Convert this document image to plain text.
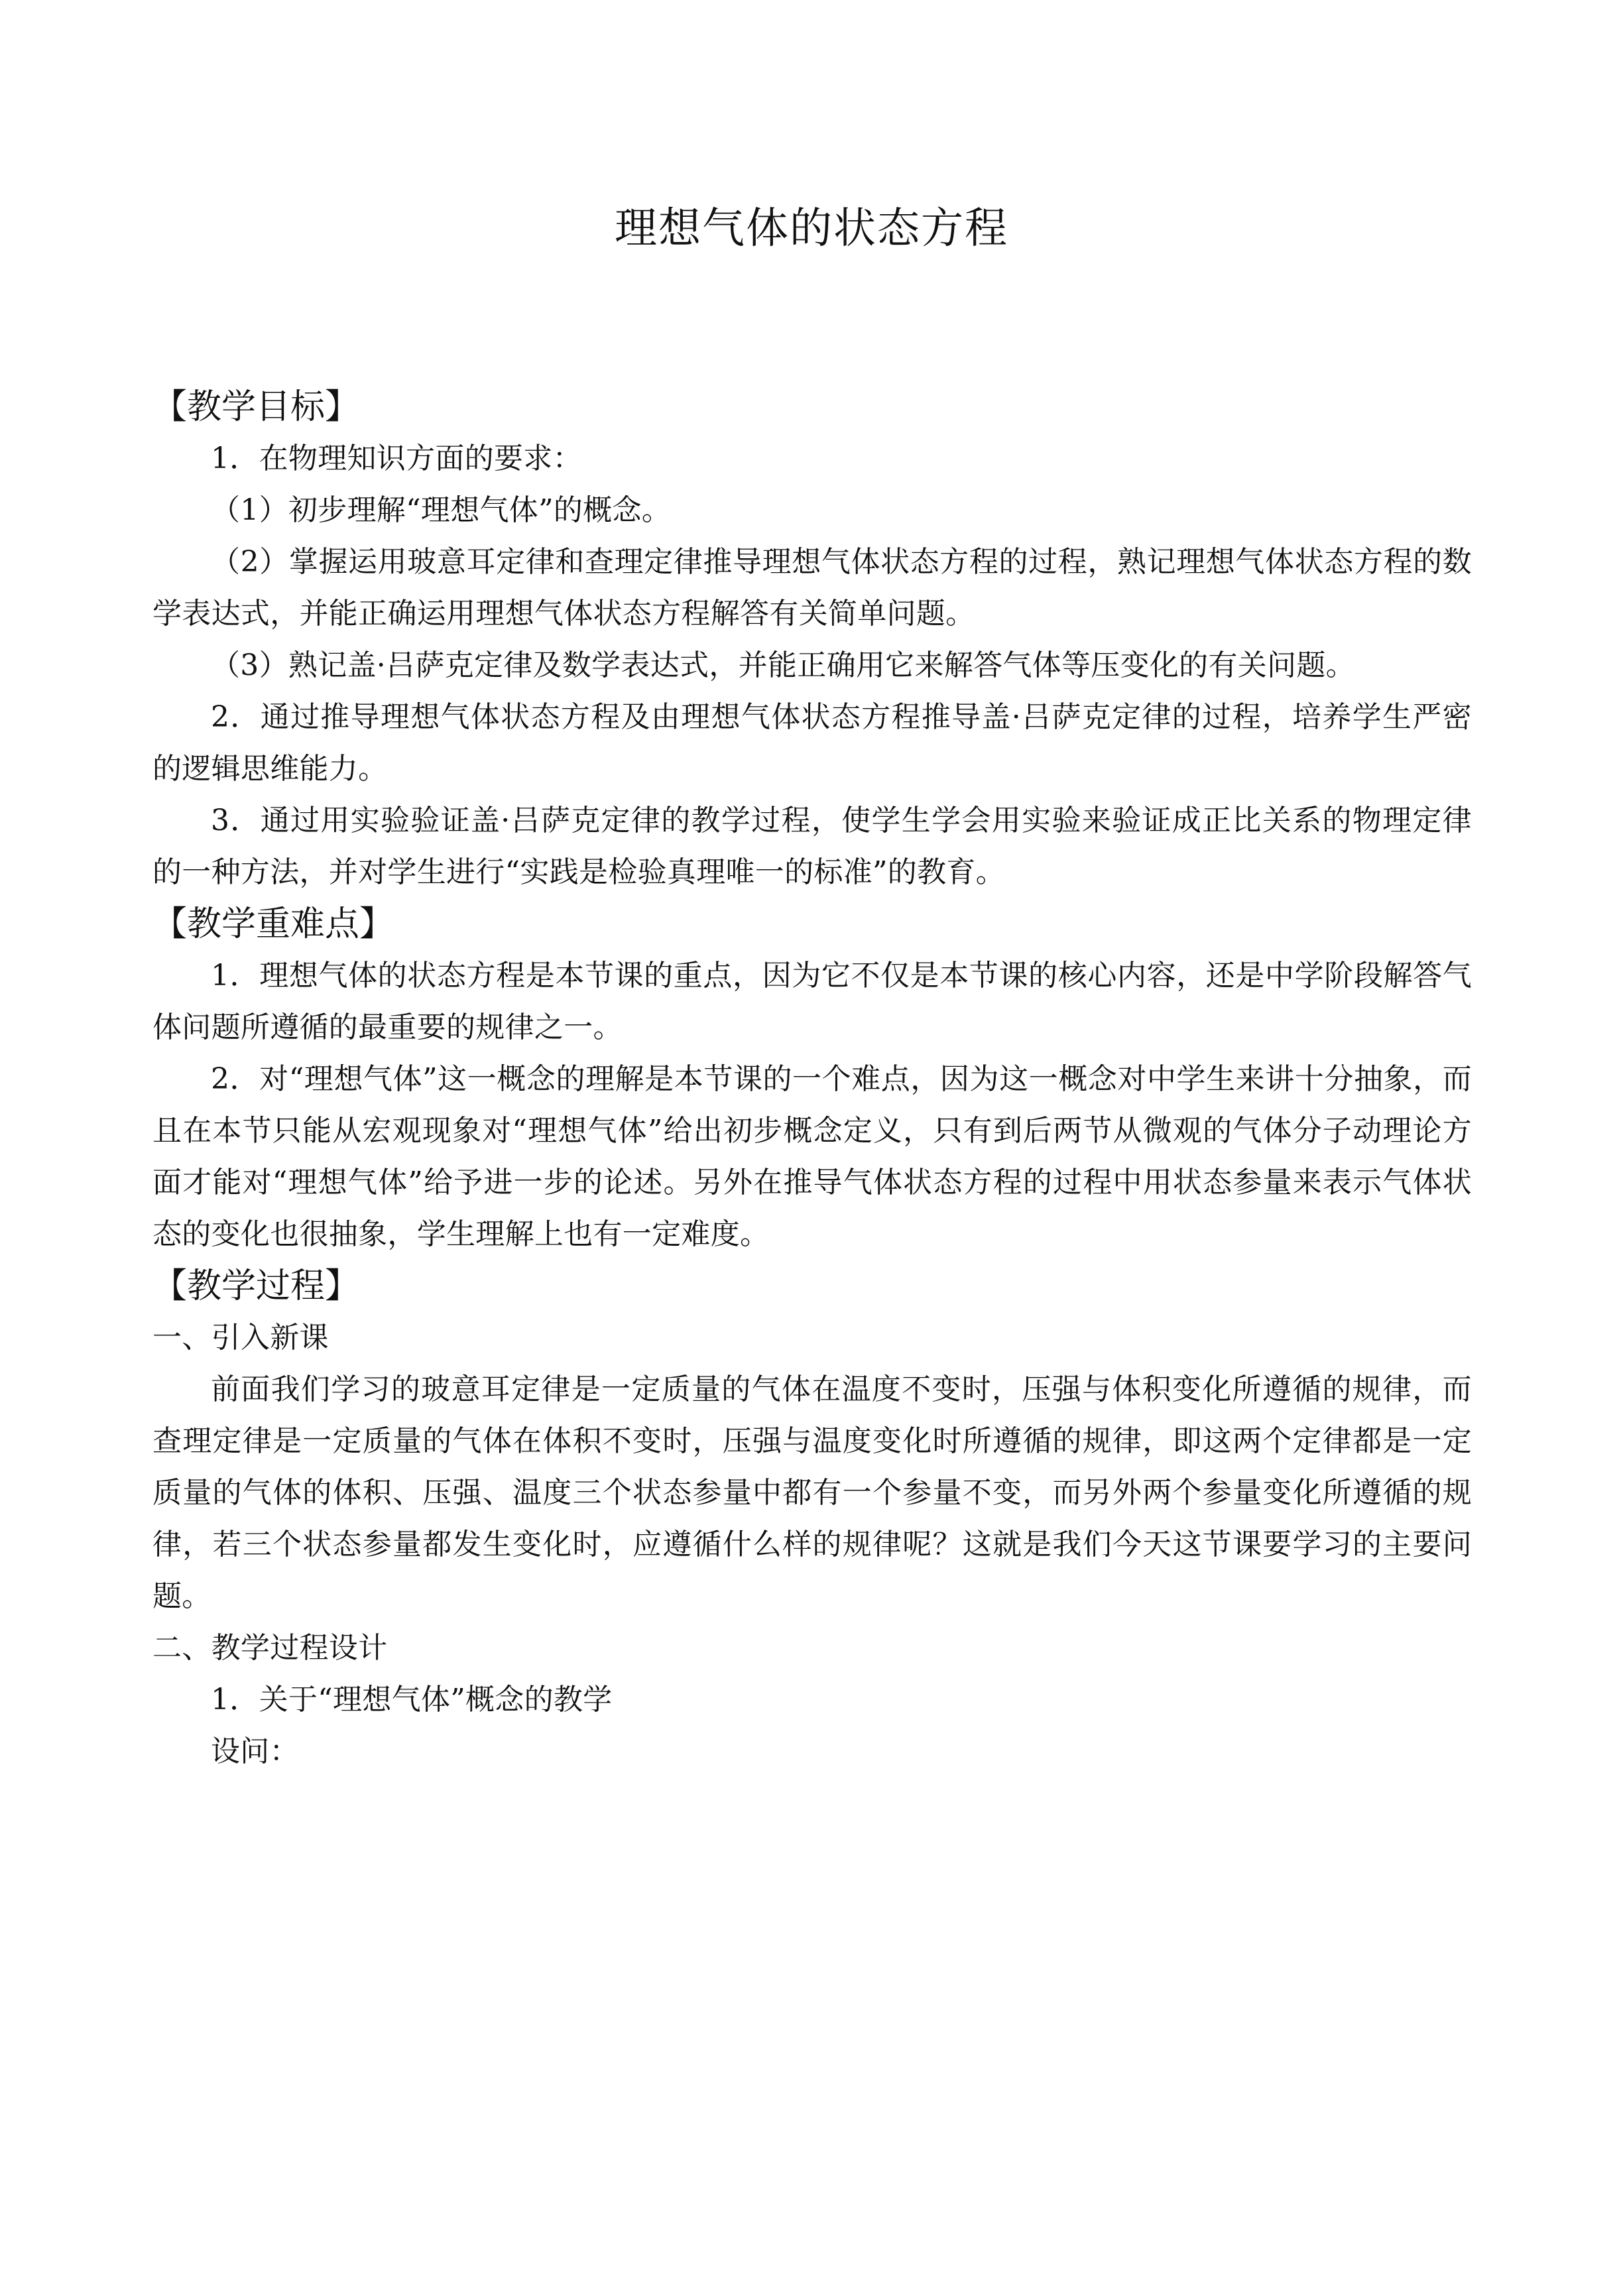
理想气体的状态方程
【教学目标】

1．在物理知识方面的要求：

（1）初步理解“理想气体”的概念。

（2）掌握运用玻意耳定律和查理定律推导理想气体状态方程的过程，熟记理想气体状态方程的数学表达式，并能正确运用理想气体状态方程解答有关简单问题。

（3）熟记盖·吕萨克定律及数学表达式，并能正确用它来解答气体等压变化的有关问题。

2．通过推导理想气体状态方程及由理想气体状态方程推导盖·吕萨克定律的过程，培养学生严密的逻辑思维能力。

3．通过用实验验证盖·吕萨克定律的教学过程，使学生学会用实验来验证成正比关系的物理定律的一种方法，并对学生进行“实践是检验真理唯一的标准”的教育。

【教学重难点】

1．理想气体的状态方程是本节课的重点，因为它不仅是本节课的核心内容，还是中学阶段解答气体问题所遵循的最重要的规律之一。

2．对“理想气体”这一概念的理解是本节课的一个难点，因为这一概念对中学生来讲十分抽象，而且在本节只能从宏观现象对“理想气体”给出初步概念定义，只有到后两节从微观的气体分子动理论方面才能对“理想气体”给予进一步的论述。另外在推导气体状态方程的过程中用状态参量来表示气体状态的变化也很抽象，学生理解上也有一定难度。

【教学过程】

一、引入新课

前面我们学习的玻意耳定律是一定质量的气体在温度不变时，压强与体积变化所遵循的规律，而查理定律是一定质量的气体在体积不变时，压强与温度变化时所遵循的规律，即这两个定律都是一定质量的气体的体积、压强、温度三个状态参量中都有一个参量不变，而另外两个参量变化所遵循的规律，若三个状态参量都发生变化时，应遵循什么样的规律呢？这就是我们今天这节课要学习的主要问题。

二、教学过程设计

1．关于“理想气体”概念的教学

设问：
